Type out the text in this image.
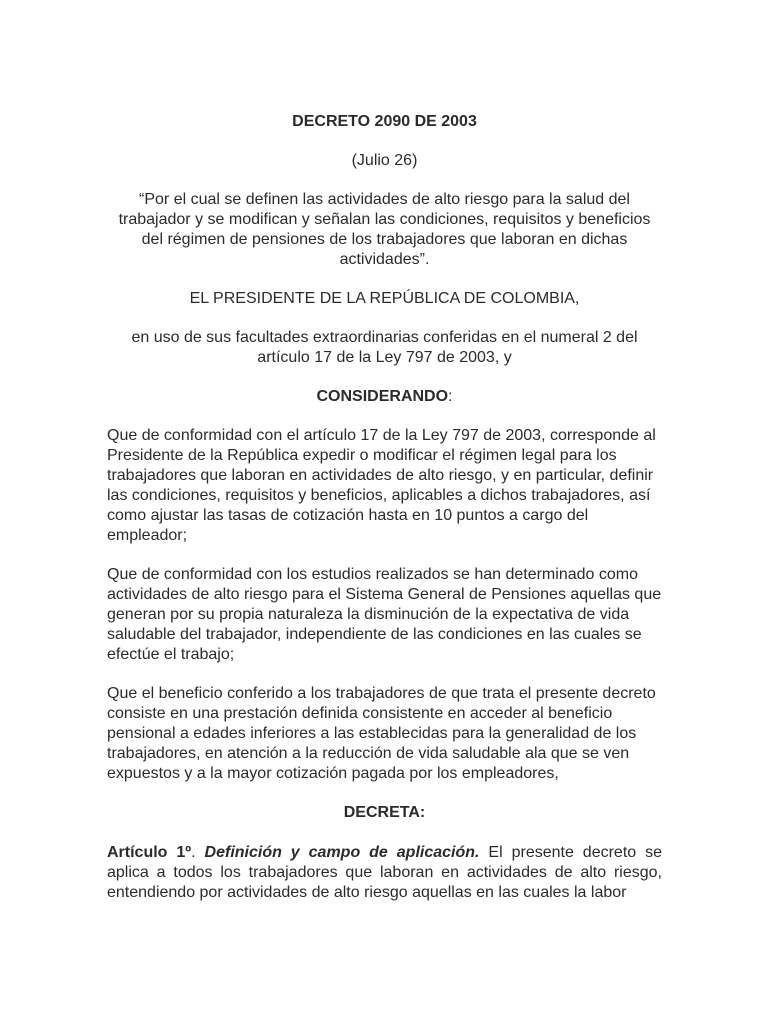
DECRETO 2090 DE 2003

(Julio 26)

“Por el cual se definen las actividades de alto riesgo para la salud del trabajador y se modifican y señalan las condiciones, requisitos y beneficios del régimen de pensiones de los trabajadores que laboran en dichas actividades”.

EL PRESIDENTE DE LA REPÚBLICA DE COLOMBIA,

en uso de sus facultades extraordinarias conferidas en el numeral 2 del artículo 17 de la Ley 797 de 2003, y

CONSIDERANDO:

Que de conformidad con el artículo 17 de la Ley 797 de 2003, corresponde al Presidente de la República expedir o modificar el régimen legal para los trabajadores que laboran en actividades de alto riesgo, y en particular, definir las condiciones, requisitos y beneficios, aplicables a dichos trabajadores, así como ajustar las tasas de cotización hasta en 10 puntos a cargo del empleador;

Que de conformidad con los estudios realizados se han determinado como actividades de alto riesgo para el Sistema General de Pensiones aquellas que generan por su propia naturaleza la disminución de la expectativa de vida saludable del trabajador, independiente de las condiciones en las cuales se efectúe el trabajo;

Que el beneficio conferido a los trabajadores de que trata el presente decreto consiste en una prestación definida consistente en acceder al beneficio pensional a edades inferiores a las establecidas para la generalidad de los trabajadores, en atención a la reducción de vida saludable ala que se ven expuestos y a la mayor cotización pagada por los empleadores,

DECRETA:

Artículo 1º. Definición y campo de aplicación. El presente decreto se aplica a todos los trabajadores que laboran en actividades de alto riesgo, entendiendo por actividades de alto riesgo aquellas en las cuales la labor
